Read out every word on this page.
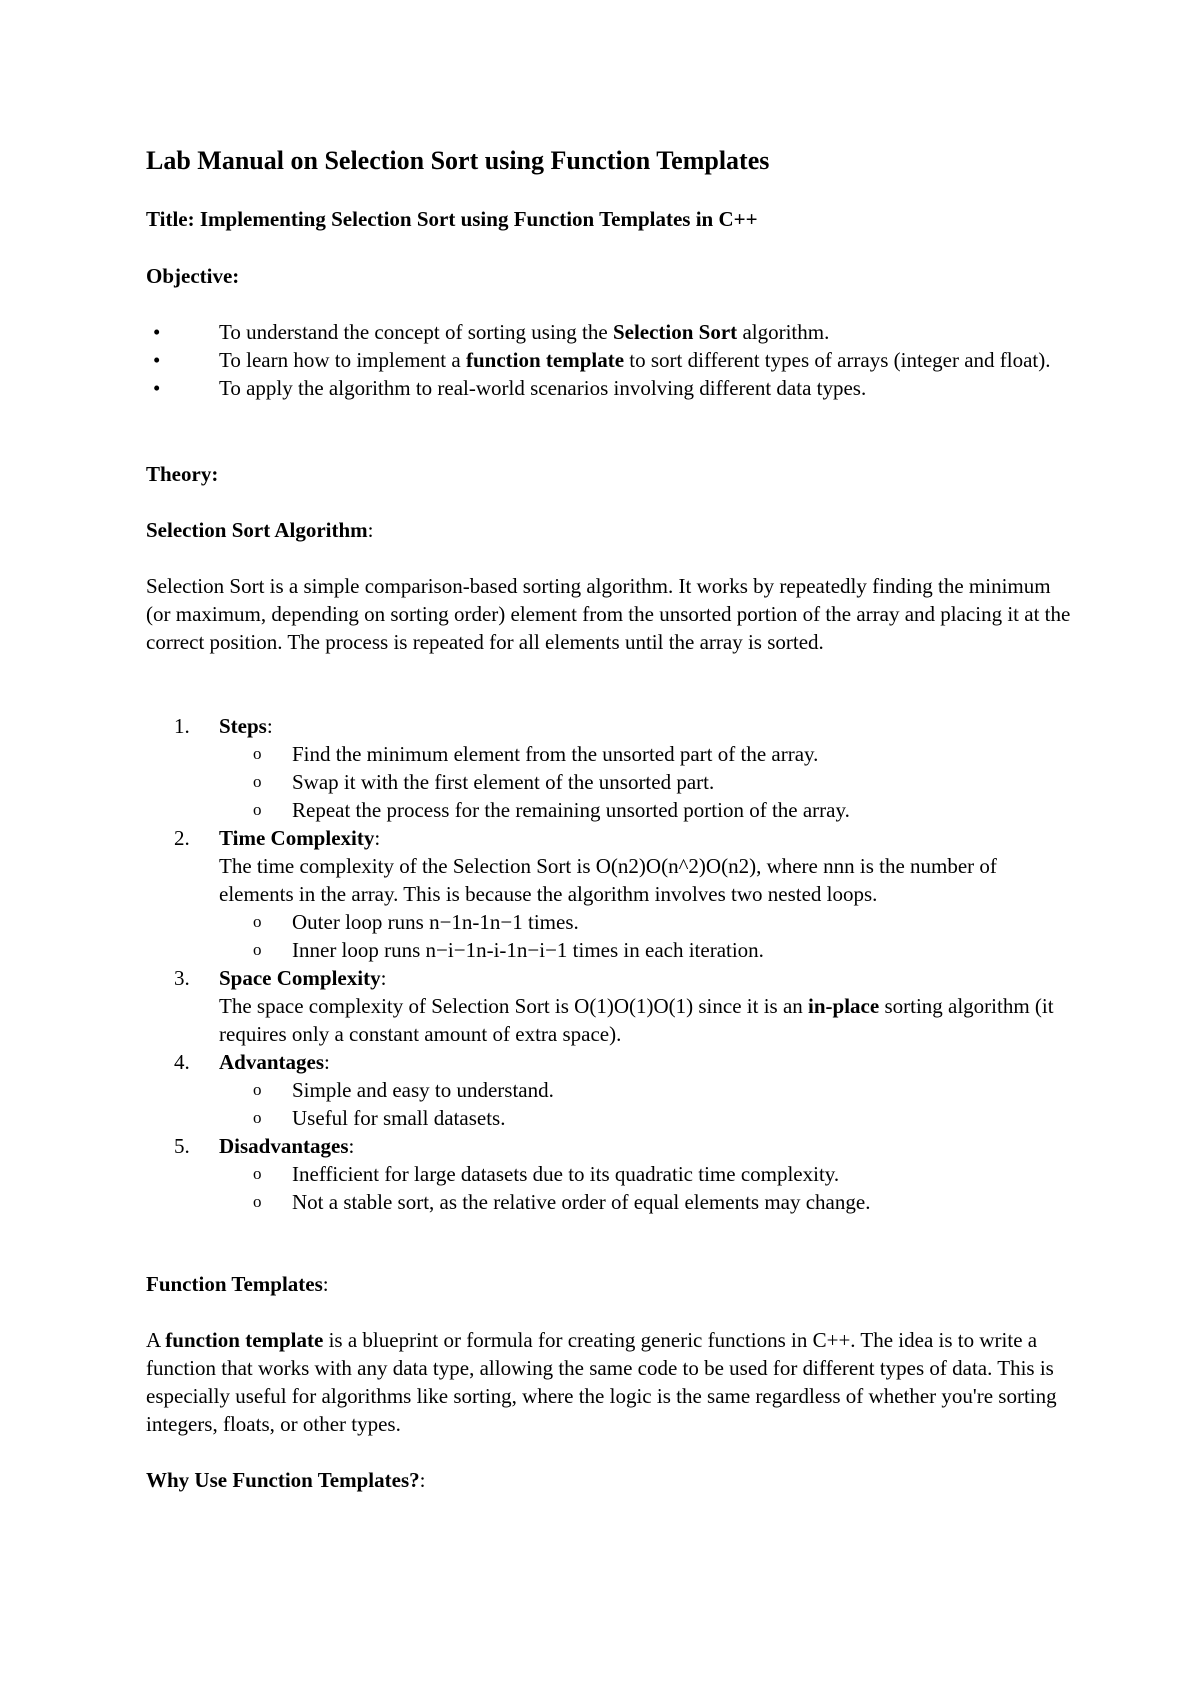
Lab Manual on Selection Sort using Function Templates

Title: Implementing Selection Sort using Function Templates in C++

Objective:

•	To understand the concept of sorting using the Selection Sort algorithm.
•	To learn how to implement a function template to sort different types of arrays (integer and float).
•	To apply the algorithm to real-world scenarios involving different data types.

Theory:

Selection Sort Algorithm:

Selection Sort is a simple comparison-based sorting algorithm. It works by repeatedly finding the minimum (or maximum, depending on sorting order) element from the unsorted portion of the array and placing it at the correct position. The process is repeated for all elements until the array is sorted.

1. Steps:
o Find the minimum element from the unsorted part of the array.
o Swap it with the first element of the unsorted part.
o Repeat the process for the remaining unsorted portion of the array.
2. Time Complexity:
The time complexity of the Selection Sort is O(n2)O(n^2)O(n2), where nnn is the number of elements in the array. This is because the algorithm involves two nested loops.
o Outer loop runs n−1n-1n−1 times.
o Inner loop runs n−i−1n-i-1n−i−1 times in each iteration.
3. Space Complexity:
The space complexity of Selection Sort is O(1)O(1)O(1) since it is an in-place sorting algorithm (it requires only a constant amount of extra space).
4. Advantages:
o Simple and easy to understand.
o Useful for small datasets.
5. Disadvantages:
o Inefficient for large datasets due to its quadratic time complexity.
o Not a stable sort, as the relative order of equal elements may change.

Function Templates:

A function template is a blueprint or formula for creating generic functions in C++. The idea is to write a function that works with any data type, allowing the same code to be used for different types of data. This is especially useful for algorithms like sorting, where the logic is the same regardless of whether you're sorting integers, floats, or other types.

Why Use Function Templates?:
